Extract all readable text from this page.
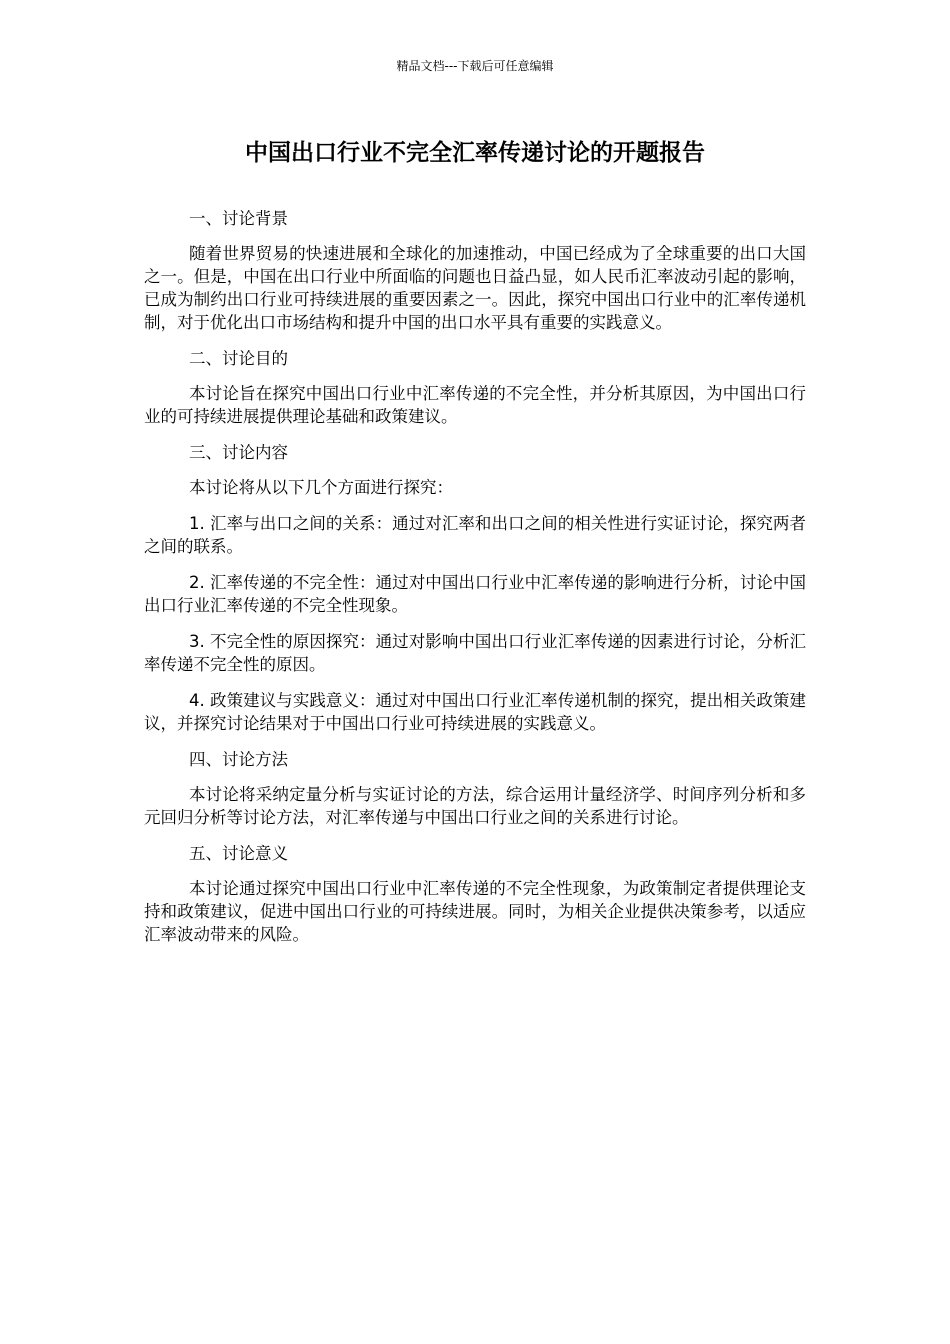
精品文档---下载后可任意编辑
中国出口行业不完全汇率传递讨论的开题报告

一、讨论背景

随着世界贸易的快速进展和全球化的加速推动，中国已经成为了全球重要的出口大国之一。但是，中国在出口行业中所面临的问题也日益凸显，如人民币汇率波动引起的影响，已成为制约出口行业可持续进展的重要因素之一。因此，探究中国出口行业中的汇率传递机制，对于优化出口市场结构和提升中国的出口水平具有重要的实践意义。

二、讨论目的

本讨论旨在探究中国出口行业中汇率传递的不完全性，并分析其原因，为中国出口行业的可持续进展提供理论基础和政策建议。

三、讨论内容

本讨论将从以下几个方面进行探究：

1. 汇率与出口之间的关系：通过对汇率和出口之间的相关性进行实证讨论，探究两者之间的联系。

2. 汇率传递的不完全性：通过对中国出口行业中汇率传递的影响进行分析，讨论中国出口行业汇率传递的不完全性现象。

3. 不完全性的原因探究：通过对影响中国出口行业汇率传递的因素进行讨论，分析汇率传递不完全性的原因。

4. 政策建议与实践意义：通过对中国出口行业汇率传递机制的探究，提出相关政策建议，并探究讨论结果对于中国出口行业可持续进展的实践意义。

四、讨论方法

本讨论将采纳定量分析与实证讨论的方法，综合运用计量经济学、时间序列分析和多元回归分析等讨论方法，对汇率传递与中国出口行业之间的关系进行讨论。

五、讨论意义

本讨论通过探究中国出口行业中汇率传递的不完全性现象，为政策制定者提供理论支持和政策建议，促进中国出口行业的可持续进展。同时，为相关企业提供决策参考，以适应汇率波动带来的风险。
